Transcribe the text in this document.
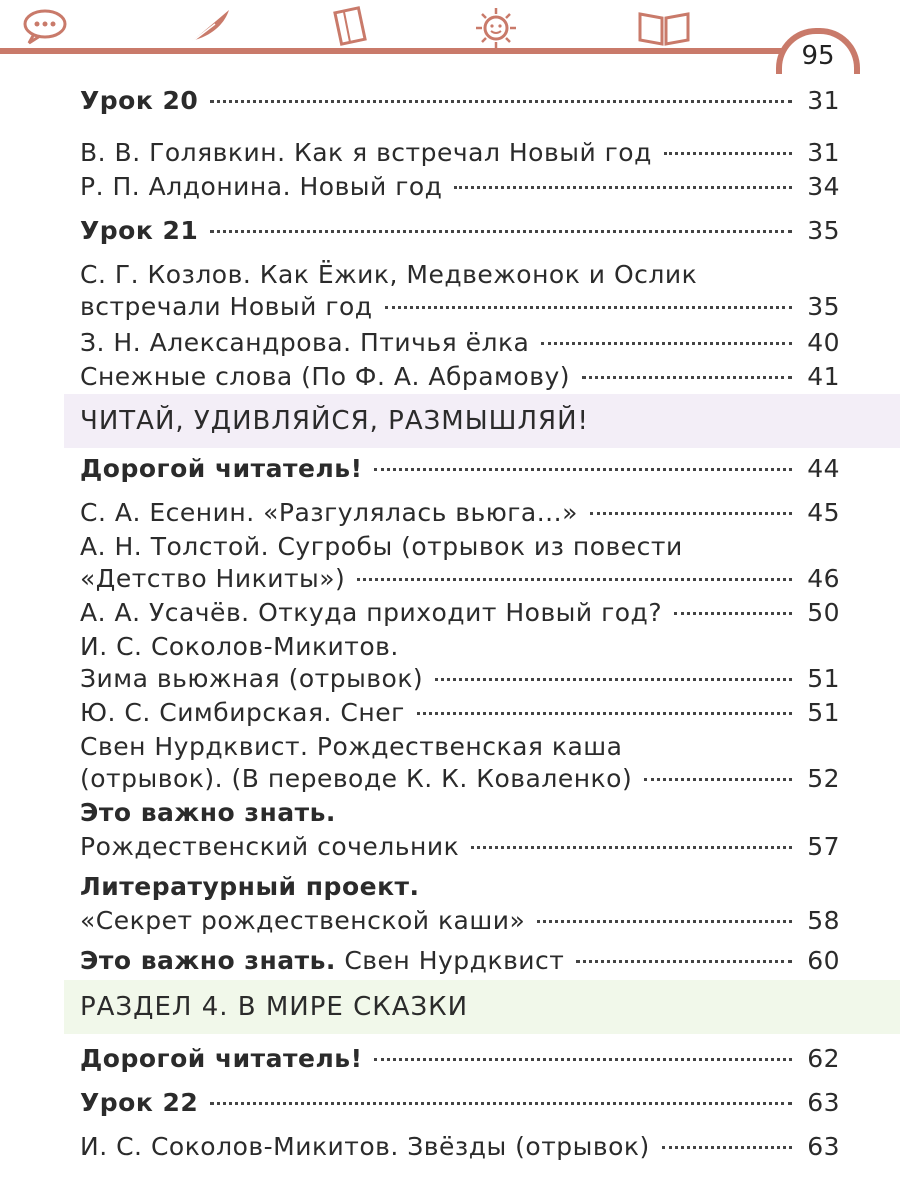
95
Урок 20	31
В. В. Голявкин. Как я встречал Новый год	31
Р. П. Алдонина. Новый год	34
Урок 21	35
С. Г. Козлов. Как Ёжик, Медвежонок и Ослик
встречали Новый год	35
З. Н. Александрова. Птичья ёлка	40
Снежные слова (По Ф. А. Абрамову)	41
Дорогой читатель!	44
С. А. Есенин. «Разгулялась вьюга...»	45
А. Н. Толстой. Сугробы (отрывок из повести
«Детство Никиты»)	46
А. А. Усачёв. Откуда приходит Новый год?	50
И. С. Соколов-Микитов.
Зима вьюжная (отрывок)	51
Ю. С. Симбирская. Снег	51
Свен Нурдквист. Рождественская каша
(отрывок). (В переводе К. К. Коваленко)	52
Это важно знать.
Рождественский сочельник	57
Литературный проект.
«Секрет рождественской каши»	58
Это важно знать. Свен Нурдквист	60
Дорогой читатель!	62
Урок 22	63
И. С. Соколов-Микитов. Звёзды (отрывок)	63
ЧИТАЙ, УДИВЛЯЙСЯ, РАЗМЫШЛЯЙ!
РАЗДЕЛ 4. В МИРЕ СКАЗКИ
